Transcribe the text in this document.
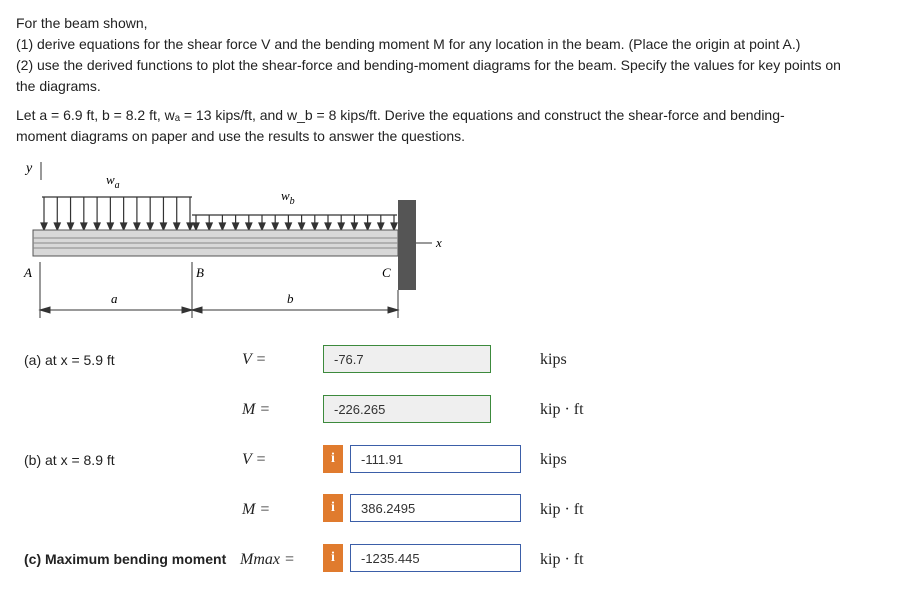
For the beam shown,
(1) derive equations for the shear force V and the bending moment M for any location in the beam. (Place the origin at point A.)
(2) use the derived functions to plot the shear-force and bending-moment diagrams for the beam. Specify the values for key points on
the diagrams.
Let a = 6.9 ft, b = 8.2 ft, wₐ = 13 kips/ft, and w_b = 8 kips/ft. Derive the equations and construct the shear-force and bending-
moment diagrams on paper and use the results to answer the questions.
y
$w_a$
$w_b$
x
A	B	C
a	b
(a) at x = 5.9 ft	V =	-76.7	kips
M =	-226.265	kip · ft
(b) at x = 8.9 ft	V =	i	-111.91	kips
M =	i	386.2495	kip · ft
(c) Maximum bending moment Mmax =	i	-1235.445	kip · ft
